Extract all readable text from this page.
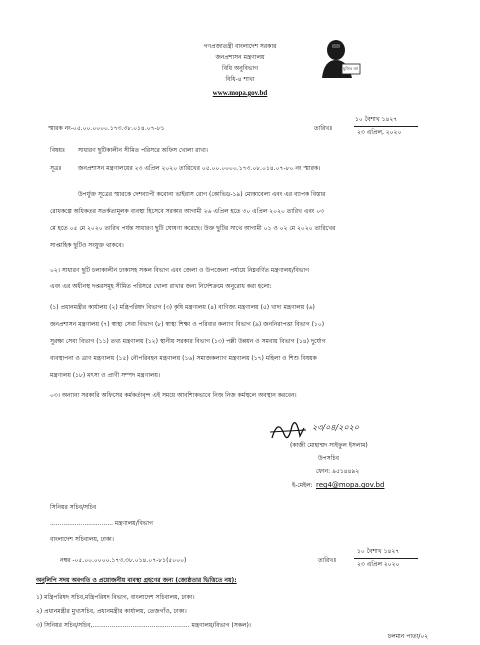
গণপ্রজাতন্ত্রী বাংলাদেশ সরকার
জনপ্রশাসন মন্ত্রণালয়
বিধি অনুবিভাগ
বিধি-৪ শাখা
www.mopa.gov.bd
মুজিব বর্ষ
স্মারক নং-০৫.০০.০০০০.১৭৩.৩৮.০১৪.০৭-৮১	তারিখঃ
১০ বৈশাখ ১৪২৭
২৩ এপ্রিল, ২০২০
বিষয়ঃ সাধারণ ছুটিকালীন সীমিত পরিসরে অফিস খোলা রাখা।
সূত্রঃ	জনপ্রশাসন মন্ত্রণালয়ের ২৩ এপ্রিল ২০২০ তারিখের ০৫.০০.০০০০.১৭৩.০৮.০১৪.০৭-৮০ নং স্মারক।
উপর্যুক্ত সূত্রের স্মারকে দেশব্যাপী করোনা ভাইরাস রোগ (কোভিড-১৯) মোকাবেলা এবং এর ব্যাপক বিস্তার
রোধকল্পে অধিকতর সতর্কতামূলক ব্যবস্থা হিসেবে সরকার আগামী ২৬ এপ্রিল হতে ৩০ এপ্রিল ২০২০ তারিখ এবং ০৩
মে হতে ০৫ মে ২০২০ তারিখ পর্যন্ত সাধারণ ছুটি ঘোষণা করেছে। উক্ত ছুটির সাথে আগামী ০১ ও ০২ মে ২০২০ তারিখের
সাপ্তাহিক ছুটিও সংযুক্ত থাকবে।
০২। সাধারণ ছুটি চলাকালীন ঢাকাসহ সকল বিভাগ এবং জেলা ও উপজেলা পর্যায়ে নিম্নবর্ণিত মন্ত্রণালয়/বিভাগ
এবং এর অধীনস্থ দপ্তরসমূহ সীমিত পরিসরে খোলা রাখার জন্য নির্দেশক্রমে অনুরোধ করা হলো:
(১) প্রধানমন্ত্রীর কার্যালয় (২) মন্ত্রিপরিষদ বিভাগ (৩) কৃষি মন্ত্রণালয় (৪) বাণিজ্য মন্ত্রণালয় (৫) খাদ্য মন্ত্রণালয় (৬)
জনপ্রশাসন মন্ত্রণালয় (৭) স্বাস্থ্য সেবা বিভাগ (৮) স্বাস্থ্য শিক্ষা ও পরিবার কল্যাণ বিভাগ (৯) জননিরাপত্তা বিভাগ (১০)
সুরক্ষা সেবা বিভাগ (১১) তথ্য মন্ত্রণালয় (১২) স্থানীয় সরকার বিভাগ (১৩) পল্লী উন্নয়ন ও সমবায় বিভাগ (১৪) দুর্যোগ
ব্যবস্থাপনা ও ত্রাণ মন্ত্রণালয় (১৫) নৌপরিবহন মন্ত্রণালয় (১৬) সমাজকল্যাণ মন্ত্রণালয় (১৭) মহিলা ও শিশু বিষয়ক
মন্ত্রণালয় (১৮) মৎস্য ও প্রাণী সম্পদ মন্ত্রণালয়।
০৩। অন্যান্য সরকারি অফিসের কর্মকর্তাবৃন্দ এই সময়ে আবশ্যিকভাবে নিজ নিজ কর্মস্থলে অবস্থান করবেন।
২৩/০৪/২০২০
(কাজী মোহাম্মদ সাইফুল ইসলাম)
উপসচিব
ফোন: ৯৫১৪৪৯২
ই-মেইল: reg4@mopa.gov.bd
সিনিয়র সচিব/সচিব
................................. মন্ত্রণালয়/বিভাগ
বাংলাদেশ সচিবালয়, ঢাকা।
নম্বর -০৫.০০.০০০০.১৭৩.৩৮.০১৪.০৭-৮১(৫০০০)	তারিখঃ
১০ বৈশাখ ১৪২৭
২৩ এপ্রিল ২০২০
অনুলিপি সদয় অবগতি ও প্রয়োজনীয় ব্যবস্থা গ্রহণের জন্য (জ্যেষ্ঠতার ভিত্তিতে নয়):
১) মন্ত্রিপরিষদ সচিব,মন্ত্রিপরিষদ বিভাগ, বাংলাদেশ সচিবালয়, ঢাকা।
২) প্রধানমন্ত্রীর মুখ্যসচিব, প্রধানমন্ত্রীর কার্যালয়, তেজগাঁও, ঢাকা।
৩) সিনিয়র সচিব/সচিব,................................................... মন্ত্রণালয়/বিভাগ (সকল)।
চলমান পাতা/০২
